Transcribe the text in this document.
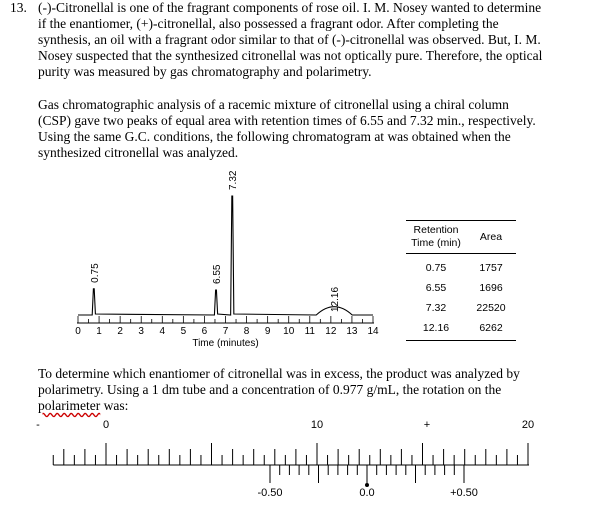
13. (-)-Citronellal is one of the fragrant components of rose oil. I. M. Nosey wanted to determine
if the enantiomer, (+)-citronellal, also possessed a fragrant odor. After completing the
synthesis, an oil with a fragrant odor similar to that of (-)-citronellal was observed. But, I. M.
Nosey suspected that the synthesized citronellal was not optically pure. Therefore, the optical
purity was measured by gas chromatography and polarimetry.
Gas chromatographic analysis of a racemic mixture of citronellal using a chiral column
(CSP) gave two peaks of equal area with retention times of 6.55 and 7.32 min., respectively.
Using the same G.C. conditions, the following chromatogram at was obtained when the
synthesized citronellal was analyzed.
0 1 2 3 4 5 6 7 8 9 10 11 12 13 14
Time (minutes)
0.75	6.55
7.32
12.16
Retention
Time (min)	Area
0.75	1757
6.55	1696
7.32	22520
12.16	6262
To determine which enantiomer of citronellal was in excess, the product was analyzed by
polarimetry. Using a 1 dm tube and a concentration of 0.977 g/mL, the rotation on the
polarimeter was:
-	0	10	+	20
-0.50	0.0	+0.50
